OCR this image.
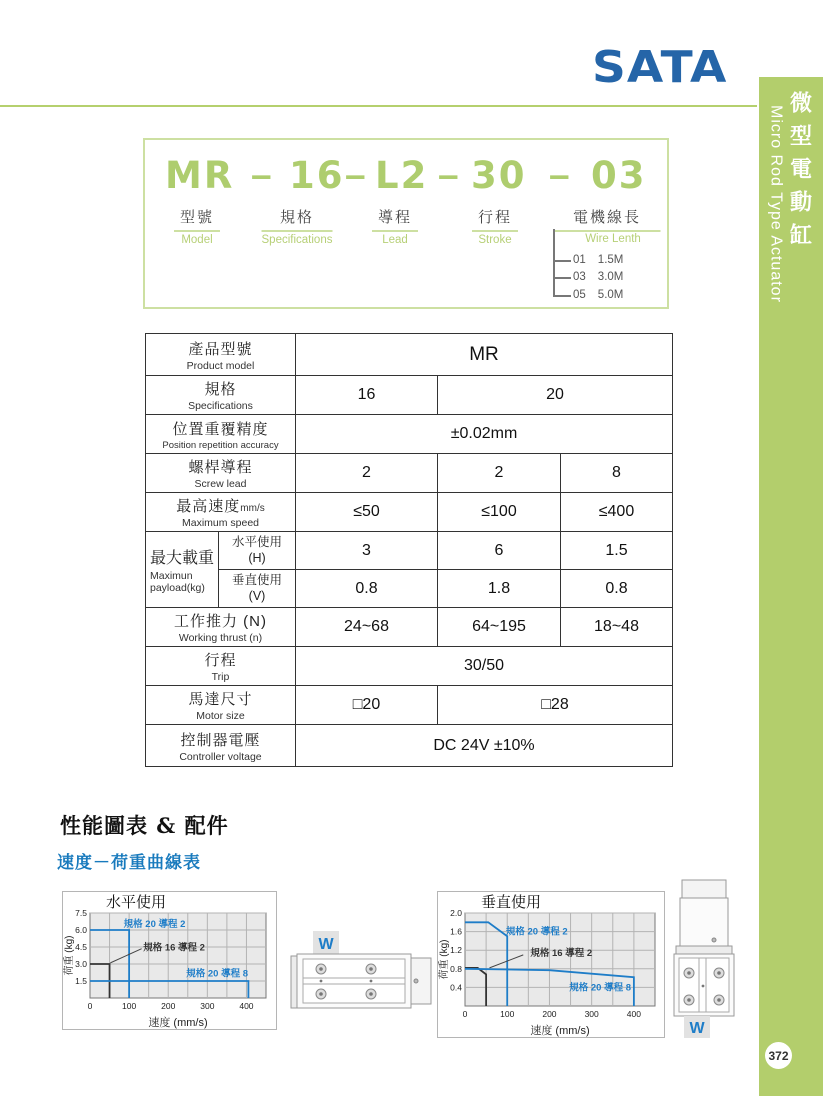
SATA
微型電動缸
Micro Rod Type Actuator
372
MR – 16 – L2 – 30 – 03
型號
Model
規格
Specifications
導程
Lead
行程
Stroke
電機線長
Wire Lenth
01 1.5M
03 3.0M
05 5.0M
產品型號
Product model		MR		

規格
Specifications		16	20	

位置重覆精度
Position repetition accuracy		±0.02mm		

螺桿導程
Screw lead		2	2	8

最高速度mm/s
Maximum speed		≤50	≤100	≤400

最大載重
Maximun payload(kg)

水平使用
(H)	3	6	1.5

	垂直使用
(V)	0.8	1.8	0.8

工作推力 (N)
Working thrust (n)		24~68	64~195	18~48

行程
Trip		30/50		

馬達尺寸
Motor size		□20	□28	

控制器電壓
Controller voltage		DC 24V ±10%		
性能圖表 & 配件
速度－荷重曲線表
規格 20 導程 2
規格 16 導程 2
規格 20 導程 8
0	100	200	300	400
1.5
3.0
4.5
6.0
7.5
速度 (mm/s)
荷重 (kg)
水平使用
規格 20 導程 2
規格 16 導程 2
規格 20 導程 8
0	100	200	300	400
0.4
0.8
1.2
1.6
2.0
速度 (mm/s)
荷重 (kg)
垂直使用
W
W
